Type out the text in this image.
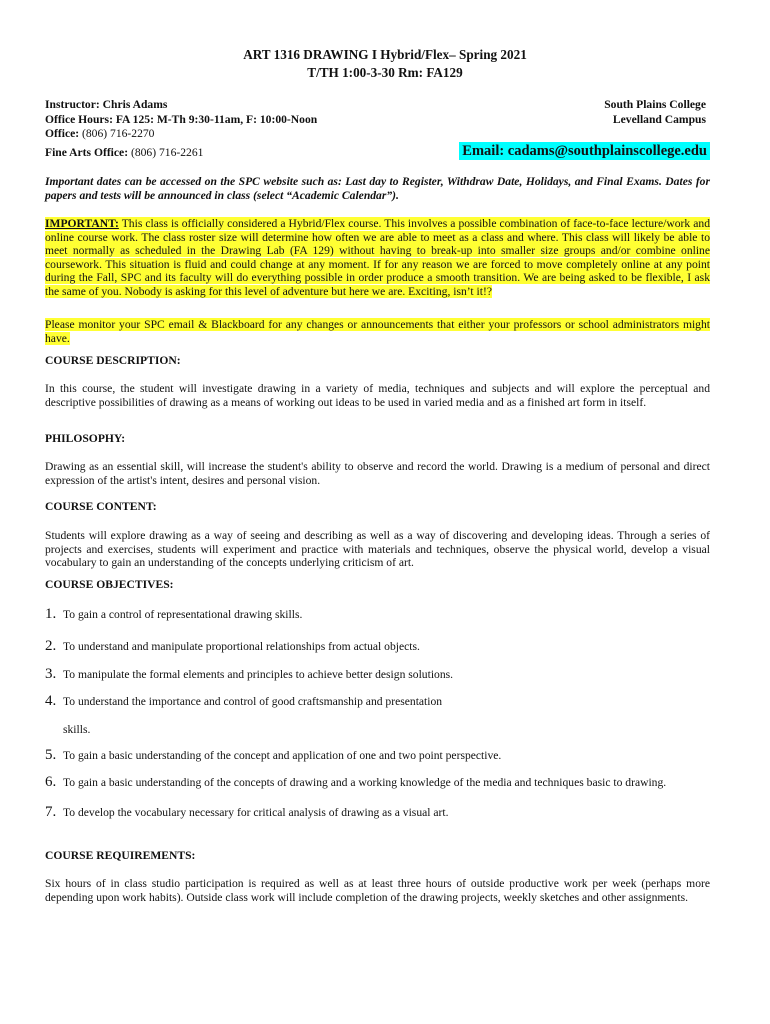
ART 1316 DRAWING I Hybrid/Flex– Spring 2021
T/TH 1:00-3-30 Rm: FA129
Instructor: Chris Adams
Office Hours: FA 125: M-Th 9:30-11am, F: 10:00-Noon
Office: (806) 716-2270
Fine Arts Office: (806) 716-2261
South Plains College
Levelland Campus
Email: cadams@southplainscollege.edu
Important dates can be accessed on the SPC website such as: Last day to Register, Withdraw Date, Holidays, and Final Exams. Dates for papers and tests will be announced in class (select “Academic Calendar”).
IMPORTANT: This class is officially considered a Hybrid/Flex course. This involves a possible combination of face-to-face lecture/work and online course work. The class roster size will determine how often we are able to meet as a class and where. This class will likely be able to meet normally as scheduled in the Drawing Lab (FA 129) without having to break-up into smaller size groups and/or combine online coursework. This situation is fluid and could change at any moment. If for any reason we are forced to move completely online at any point during the Fall, SPC and its faculty will do everything possible in order produce a smooth transition. We are being asked to be flexible, I ask the same of you. Nobody is asking for this level of adventure but here we are. Exciting, isn’t it!?
Please monitor your SPC email & Blackboard for any changes or announcements that either your professors or school administrators might have.
COURSE DESCRIPTION:
In this course, the student will investigate drawing in a variety of media, techniques and subjects and will explore the perceptual and descriptive possibilities of drawing as a means of working out ideas to be used in varied media and as a finished art form in itself.
PHILOSOPHY:
Drawing as an essential skill, will increase the student's ability to observe and record the world. Drawing is a medium of personal and direct expression of the artist's intent, desires and personal vision.
COURSE CONTENT:
Students will explore drawing as a way of seeing and describing as well as a way of discovering and developing ideas. Through a series of projects and exercises, students will experiment and practice with materials and techniques, observe the physical world, develop a visual vocabulary to gain an understanding of the concepts underlying criticism of art.
COURSE OBJECTIVES:
1. To gain a control of representational drawing skills.
2. To understand and manipulate proportional relationships from actual objects.
3. To manipulate the formal elements and principles to achieve better design solutions.
4. To understand the importance and control of good craftsmanship and presentation
skills.
5. To gain a basic understanding of the concept and application of one and two point perspective.
6. To gain a basic understanding of the concepts of drawing and a working knowledge of the media and techniques basic to drawing.
7. To develop the vocabulary necessary for critical analysis of drawing as a visual art.
COURSE REQUIREMENTS:
Six hours of in class studio participation is required as well as at least three hours of outside productive work per week (perhaps more depending upon work habits). Outside class work will include completion of the drawing projects, weekly sketches and other assignments.
